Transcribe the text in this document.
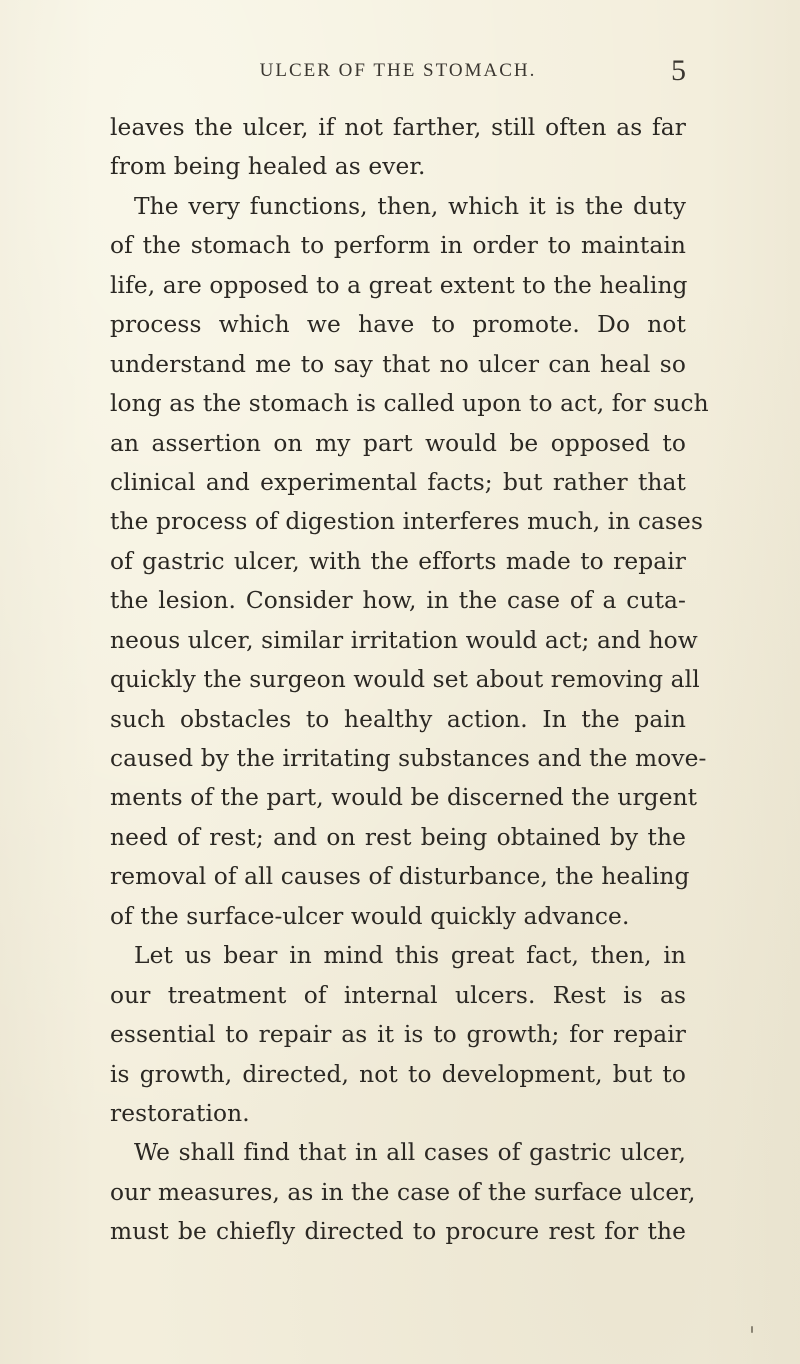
ULCER OF THE STOMACH.	5
leaves the ulcer, if not farther, still often as far
from being healed as ever.
The very functions, then, which it is the duty
of the stomach to perform in order to maintain
life, are opposed to a great extent to the healing
process which we have to promote. Do not
understand me to say that no ulcer can heal so
long as the stomach is called upon to act, for such
an assertion on my part would be opposed to
clinical and experimental facts; but rather that
the process of digestion interferes much, in cases
of gastric ulcer, with the efforts made to repair
the lesion. Consider how, in the case of a cuta-
neous ulcer, similar irritation would act; and how
quickly the surgeon would set about removing all
such obstacles to healthy action. In the pain
caused by the irritating substances and the move-
ments of the part, would be discerned the urgent
need of rest; and on rest being obtained by the
removal of all causes of disturbance, the healing
of the surface-ulcer would quickly advance.
Let us bear in mind this great fact, then, in
our treatment of internal ulcers. Rest is as
essential to repair as it is to growth; for repair
is growth, directed, not to development, but to
restoration.
We shall find that in all cases of gastric ulcer,
our measures, as in the case of the surface ulcer,
must be chiefly directed to procure rest for the
